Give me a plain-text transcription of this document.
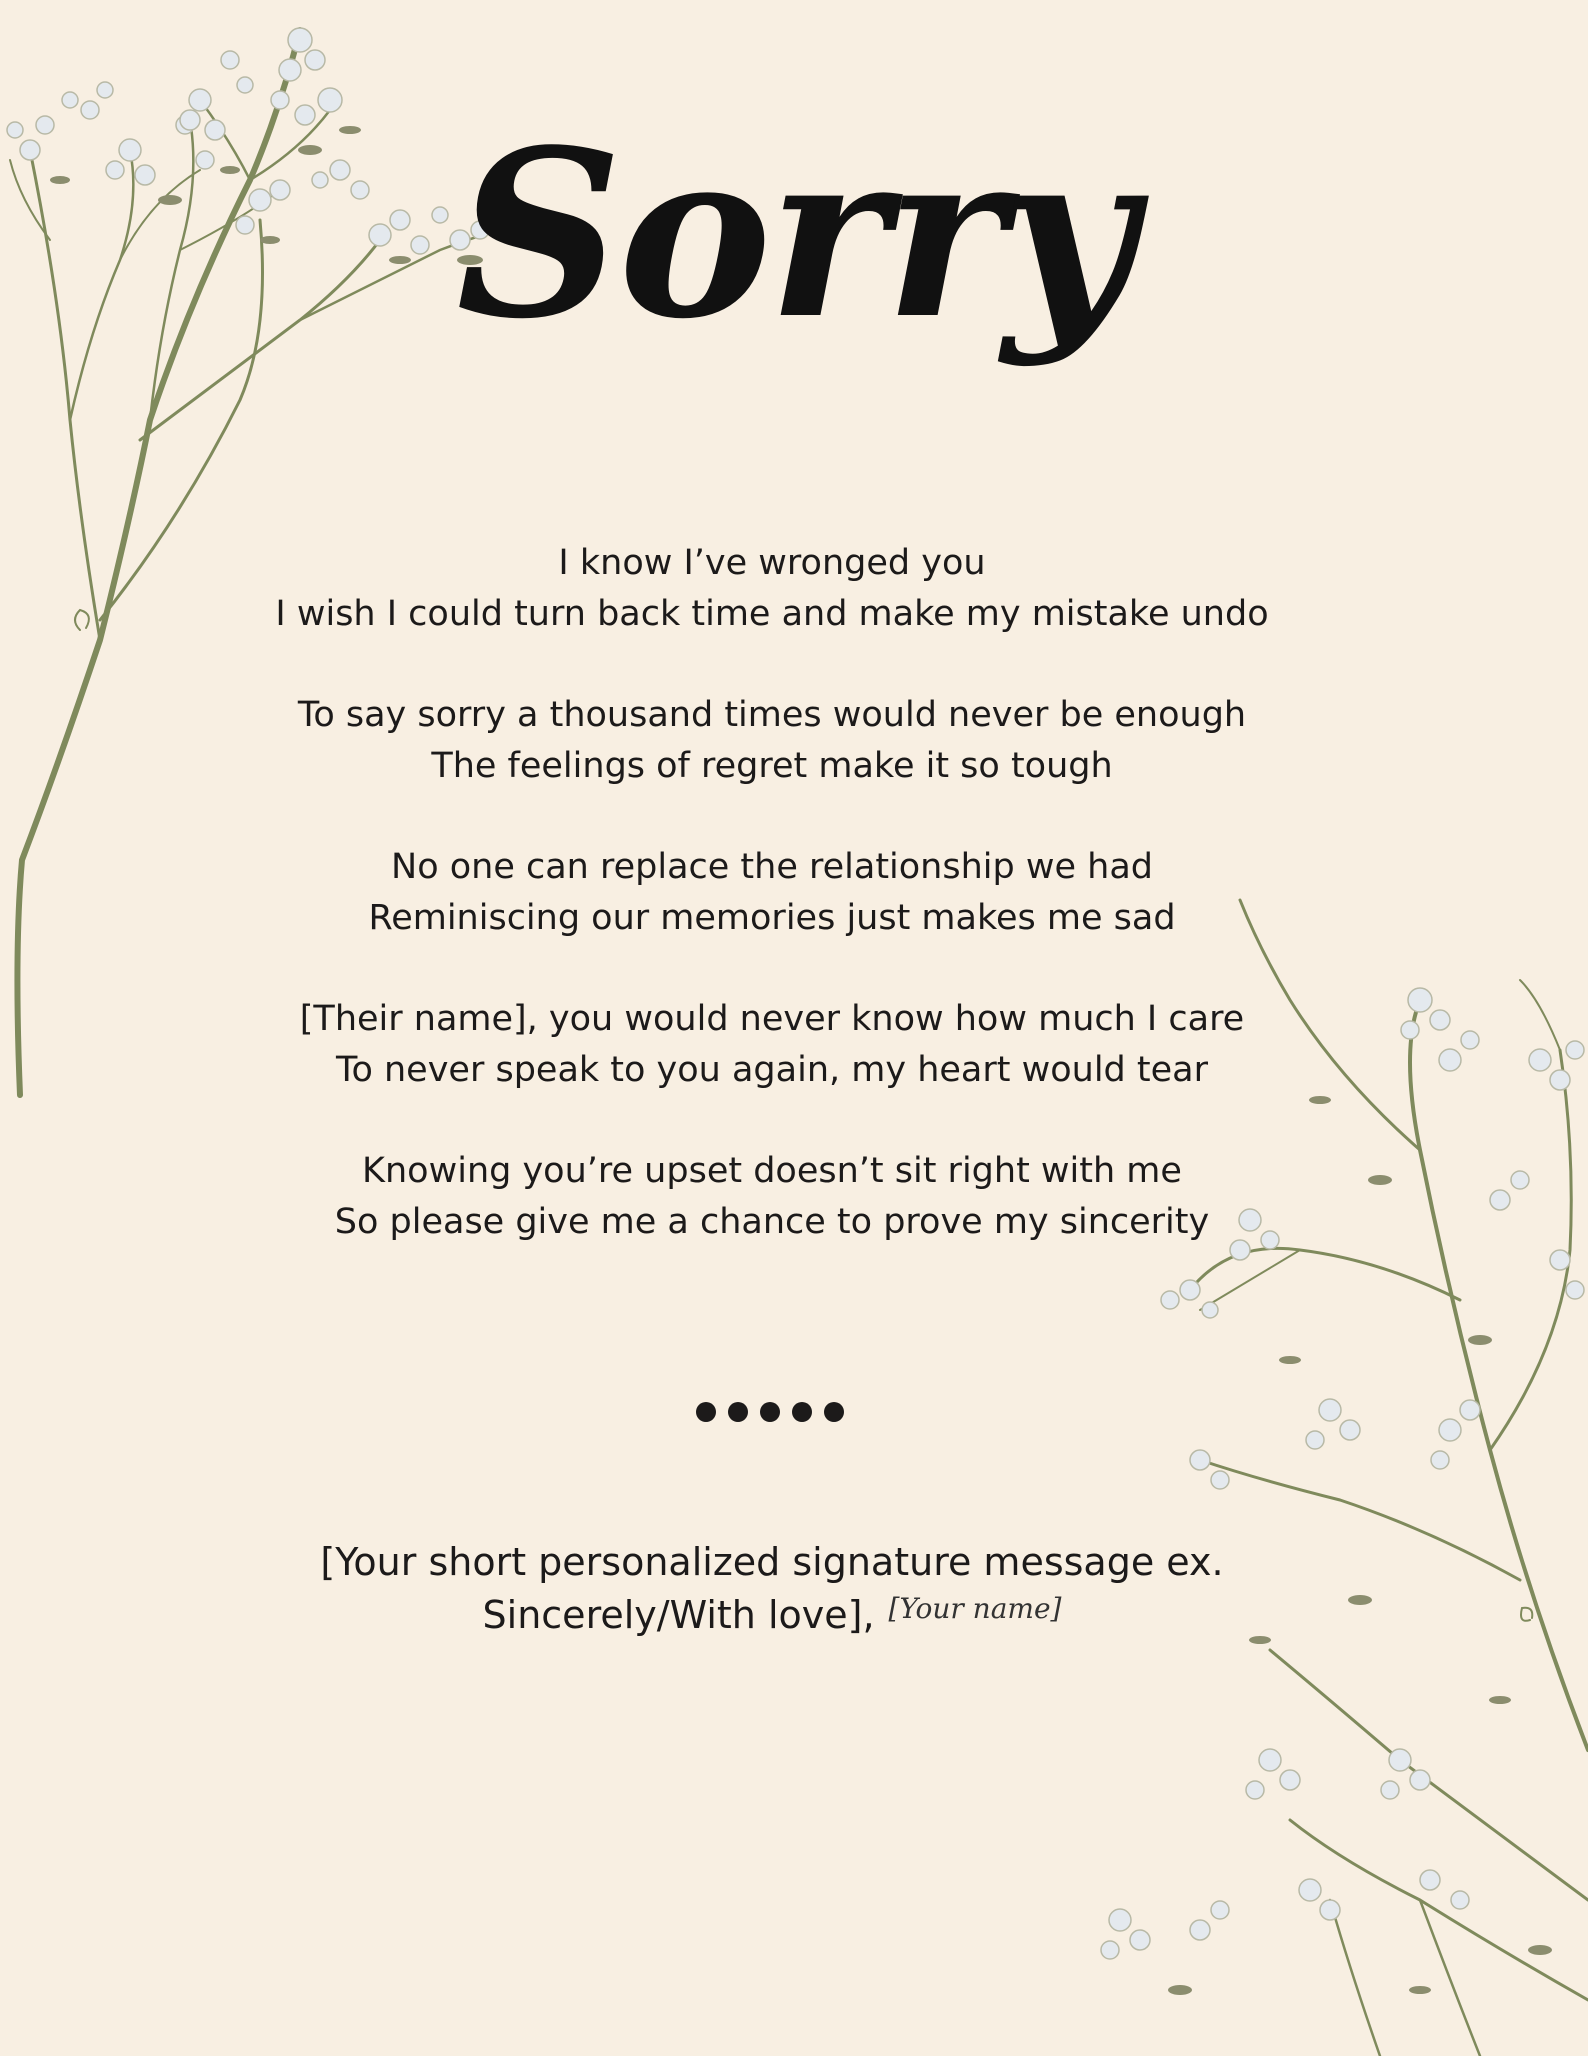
Sorry

I know I’ve wronged you
I wish I could turn back time and make my mistake undo

To say sorry a thousand times would never be enough
The feelings of regret make it so tough

No one can replace the relationship we had
Reminiscing our memories just makes me sad

[Their name], you would never know how much I care
To never speak to you again, my heart would tear

Knowing you’re upset doesn’t sit right with me
So please give me a chance to prove my sincerity

[Your short personalized signature message ex.
Sincerely/With love], [Your name]
